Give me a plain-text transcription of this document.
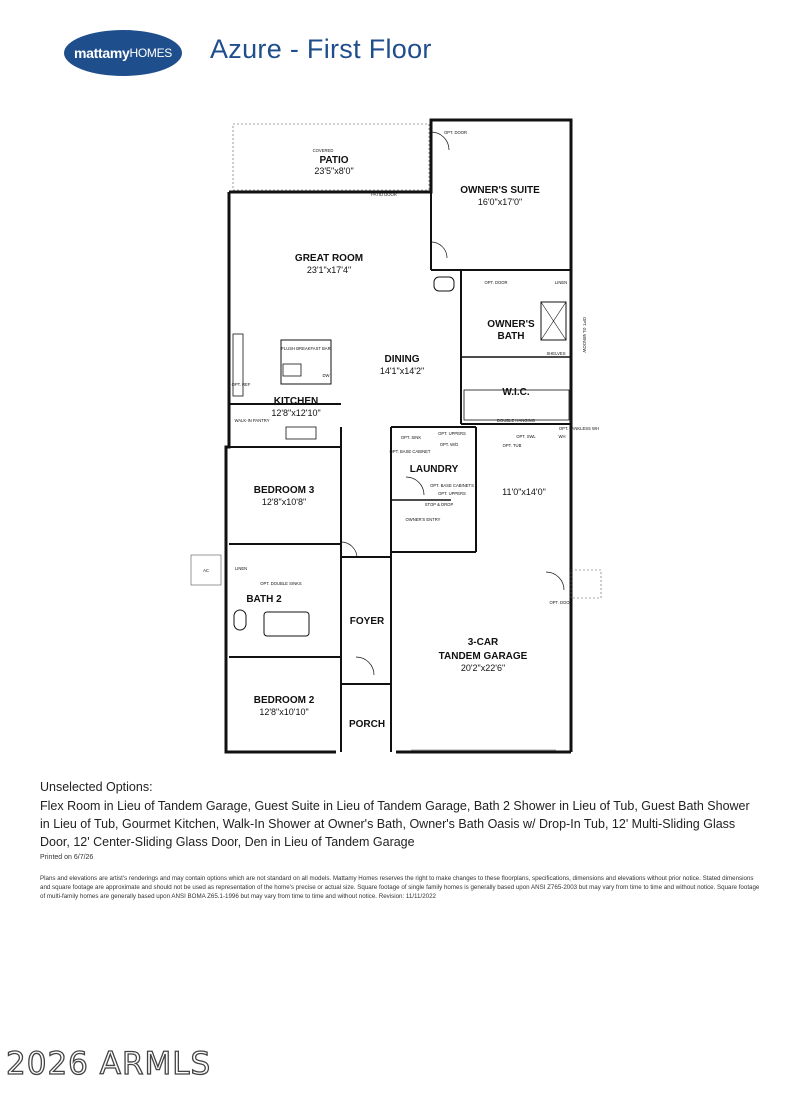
mattamy HOMES Azure - First Floor
COVERED
PATIO
23'5"x8'0"
PATIO DOOR
OPT. DOOR
OWNER'S SUITE
16'0"x17'0"
GREAT ROOM
23'1"x17'4"
OPT. DOOR	LINEN
OWNER'S
BATH	OPT. GL WINDOW
SHELVES
FLUSH BREAKFAST BAR
DW
DINING
14'1"x14'2"
OPT. REF
KITCHEN
12'8"x12'10"
W.I.C.
DOUBLE HANGING
WALK-IN PANTRY
OPT. SINK
OPT. UPPERS
OPT. BASE CABINET
OPT. W/D
OPT. SWL
OPT. TUB
WH
OPT. TANKLESS WH
LAUNDRY
OPT. BASE CABINETS
OPT. UPPERS	11'0"x14'0"
BEDROOM 3
12'8"x10'8"	STOP & DROP
OWNER'S ENTRY
AC	LINEN
OPT. DOUBLE SINKS
BATH 2	OPT. DOOR
FOYER
3-CAR
TANDEM GARAGE
20'2"x22'6"
BEDROOM 2
12'8"x10'10"
PORCH
Unselected Options:
Flex Room in Lieu of Tandem Garage, Guest Suite in Lieu of Tandem Garage, Bath 2 Shower in Lieu of Tub, Guest Bath Shower in Lieu of Tub, Gourmet Kitchen, Walk-In Shower at Owner's Bath, Owner's Bath Oasis w/ Drop-In Tub, 12' Multi-Sliding Glass Door, 12' Center-Sliding Glass Door, Den in Lieu of Tandem Garage
Printed on 6/7/26
Plans and elevations are artist's renderings and may contain options which are not standard on all models. Mattamy Homes reserves the right to make changes to these floorplans, specifications, dimensions and elevations without prior notice. Stated dimensions and square footage are approximate and should not be used as representation of the home's precise or actual size. Square footage of single family homes is generally based upon ANSI Z765-2003 but may vary from time to time and without notice. Square footage of multi-family homes are generally based upon ANSI BOMA Z65.1-1996 but may vary from time to time and without notice. Revision: 11/11/2022
2026 ARMLS
